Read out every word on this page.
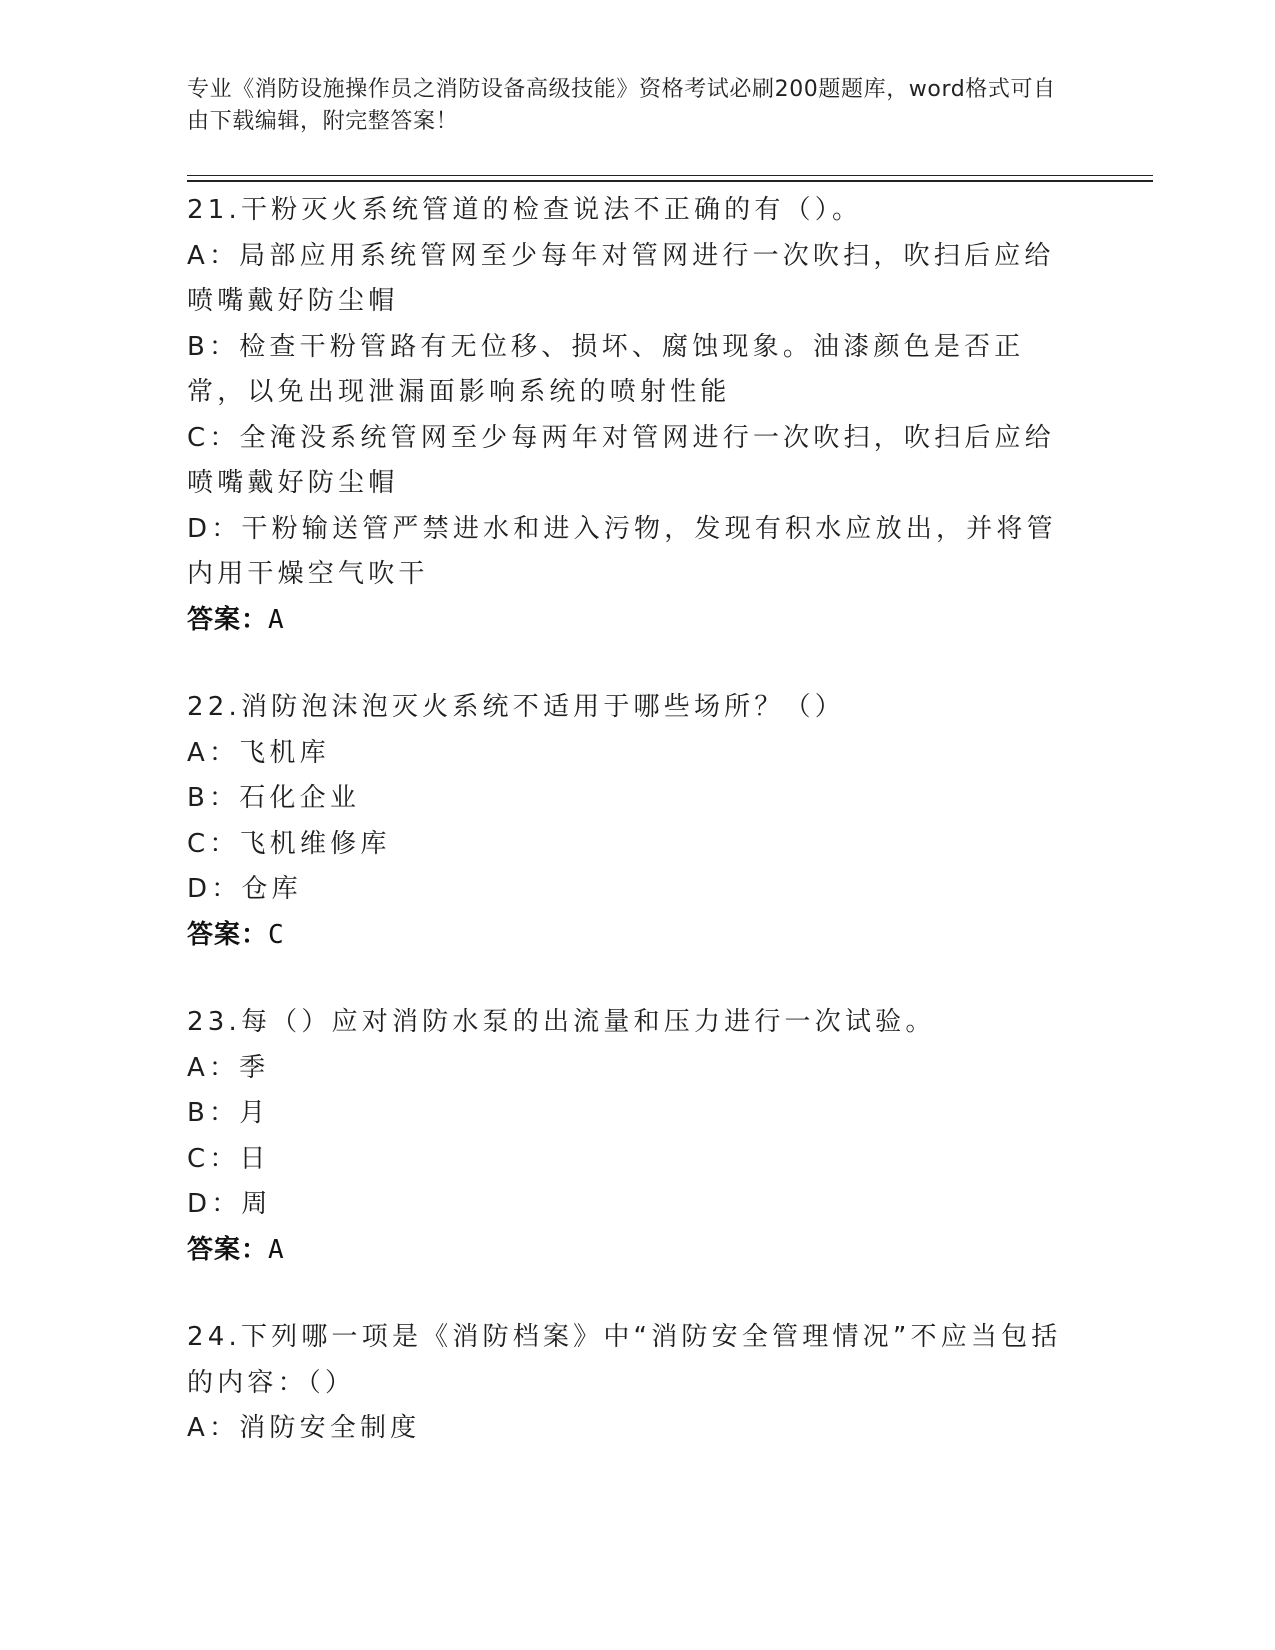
专业《消防设施操作员之消防设备高级技能》资格考试必刷200题题库，word格式可自由下载编辑，附完整答案！
21.干粉灭火系统管道的检查说法不正确的有（）。
A：局部应用系统管网至少每年对管网进行一次吹扫，吹扫后应给喷嘴戴好防尘帽
B：检查干粉管路有无位移、损坏、腐蚀现象。油漆颜色是否正常，以免出现泄漏面影响系统的喷射性能
C：全淹没系统管网至少每两年对管网进行一次吹扫，吹扫后应给喷嘴戴好防尘帽
D：干粉输送管严禁进水和进入污物，发现有积水应放出，并将管内用干燥空气吹干
答案：A
22.消防泡沫泡灭火系统不适用于哪些场所？（）
A：飞机库
B：石化企业
C：飞机维修库
D：仓库
答案：C
23.每（）应对消防水泵的出流量和压力进行一次试验。
A：季
B：月
C：日
D：周
答案：A
24.下列哪一项是《消防档案》中“消防安全管理情况”不应当包括的内容：（）
A：消防安全制度
